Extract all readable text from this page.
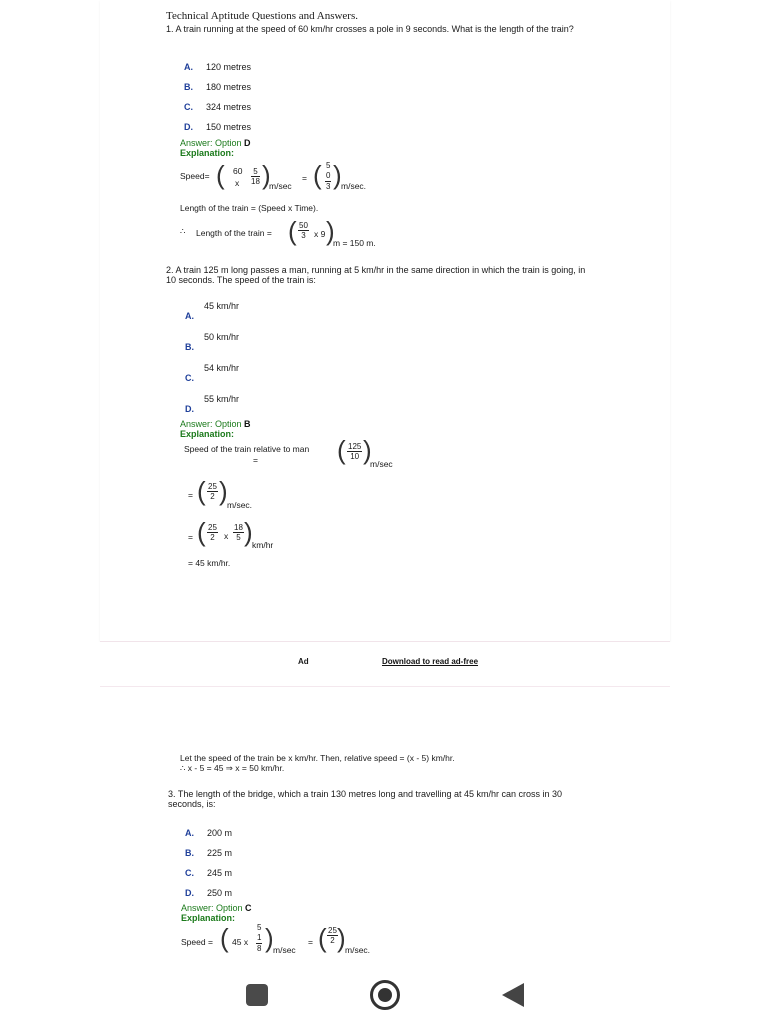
Technical Aptitude Questions and Answers.
1. A train running at the speed of 60 km/hr crosses a pole in 9 seconds. What is the length of the train?
A. 120 metres
B. 180 metres
C. 324 metres
D. 150 metres
Answer: Option D
Explanation:
Speed= ( 60
x $\frac{5}{18}$ )
m/sec
= ( 5
0
3 ) m/sec.
Length of the train = (Speed x Time).
∴ Length of the train = ( $\frac{50}{3}$ x 9 )
m = 150 m.
2. A train 125 m long passes a man, running at 5 km/hr in the same direction in which the train is going, in 10 seconds. The speed of the train is:
A.
45 km/hr
B.
50 km/hr
C.
54 km/hr
D.
55 km/hr
Answer: Option B
Explanation:
Speed of the train relative to man
=	( $\frac{125}{10}$ )
m/sec
= ( $\frac{25}{2}$ ) m/sec.
= ( $\frac{25}{2}$ x $\frac{18}{5}$ ) km/hr
= 45 km/hr.
Ad	Download to read ad-free
Let the speed of the train be x km/hr. Then, relative speed = (x - 5) km/hr.
∴ x - 5 = 45 ⇒ x = 50 km/hr.
3. The length of the bridge, which a train 130 metres long and travelling at 45 km/hr can cross in 30 seconds, is:
A. 200 m
B. 225 m
C. 245 m
D. 250 m
Answer: Option C
Explanation:
Speed = ( 45 x
5
1
8 ) m/sec
= ( $\frac{25}{2}$ ) m/sec.
